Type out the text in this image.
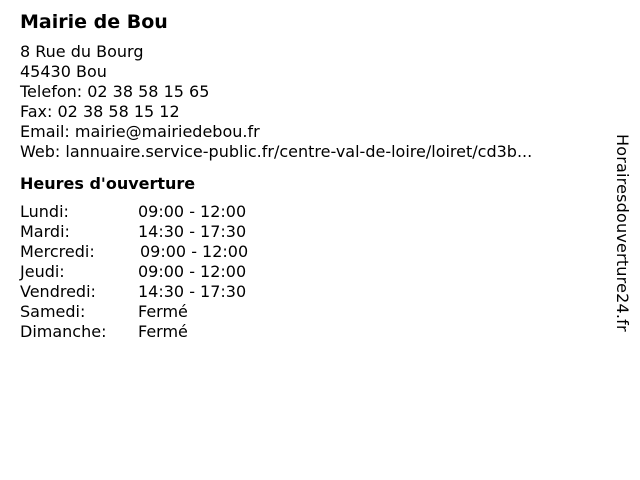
Mairie de Bou
8 Rue du Bourg
45430 Bou
Telefon: 02 38 58 15 65
Fax: 02 38 58 15 12
Email: mairie@mairiedebou.fr
Web: lannuaire.service-public.fr/centre-val-de-loire/loiret/cd3b...
Heures d'ouverture
Lundi:	09:00 - 12:00
Mardi:	14:30 - 17:30
Mercredi:	09:00 - 12:00
Jeudi:	09:00 - 12:00
Vendredi:	14:30 - 17:30
Samedi:	Fermé
Dimanche:	Fermé	Horairesdouverture24.fr
